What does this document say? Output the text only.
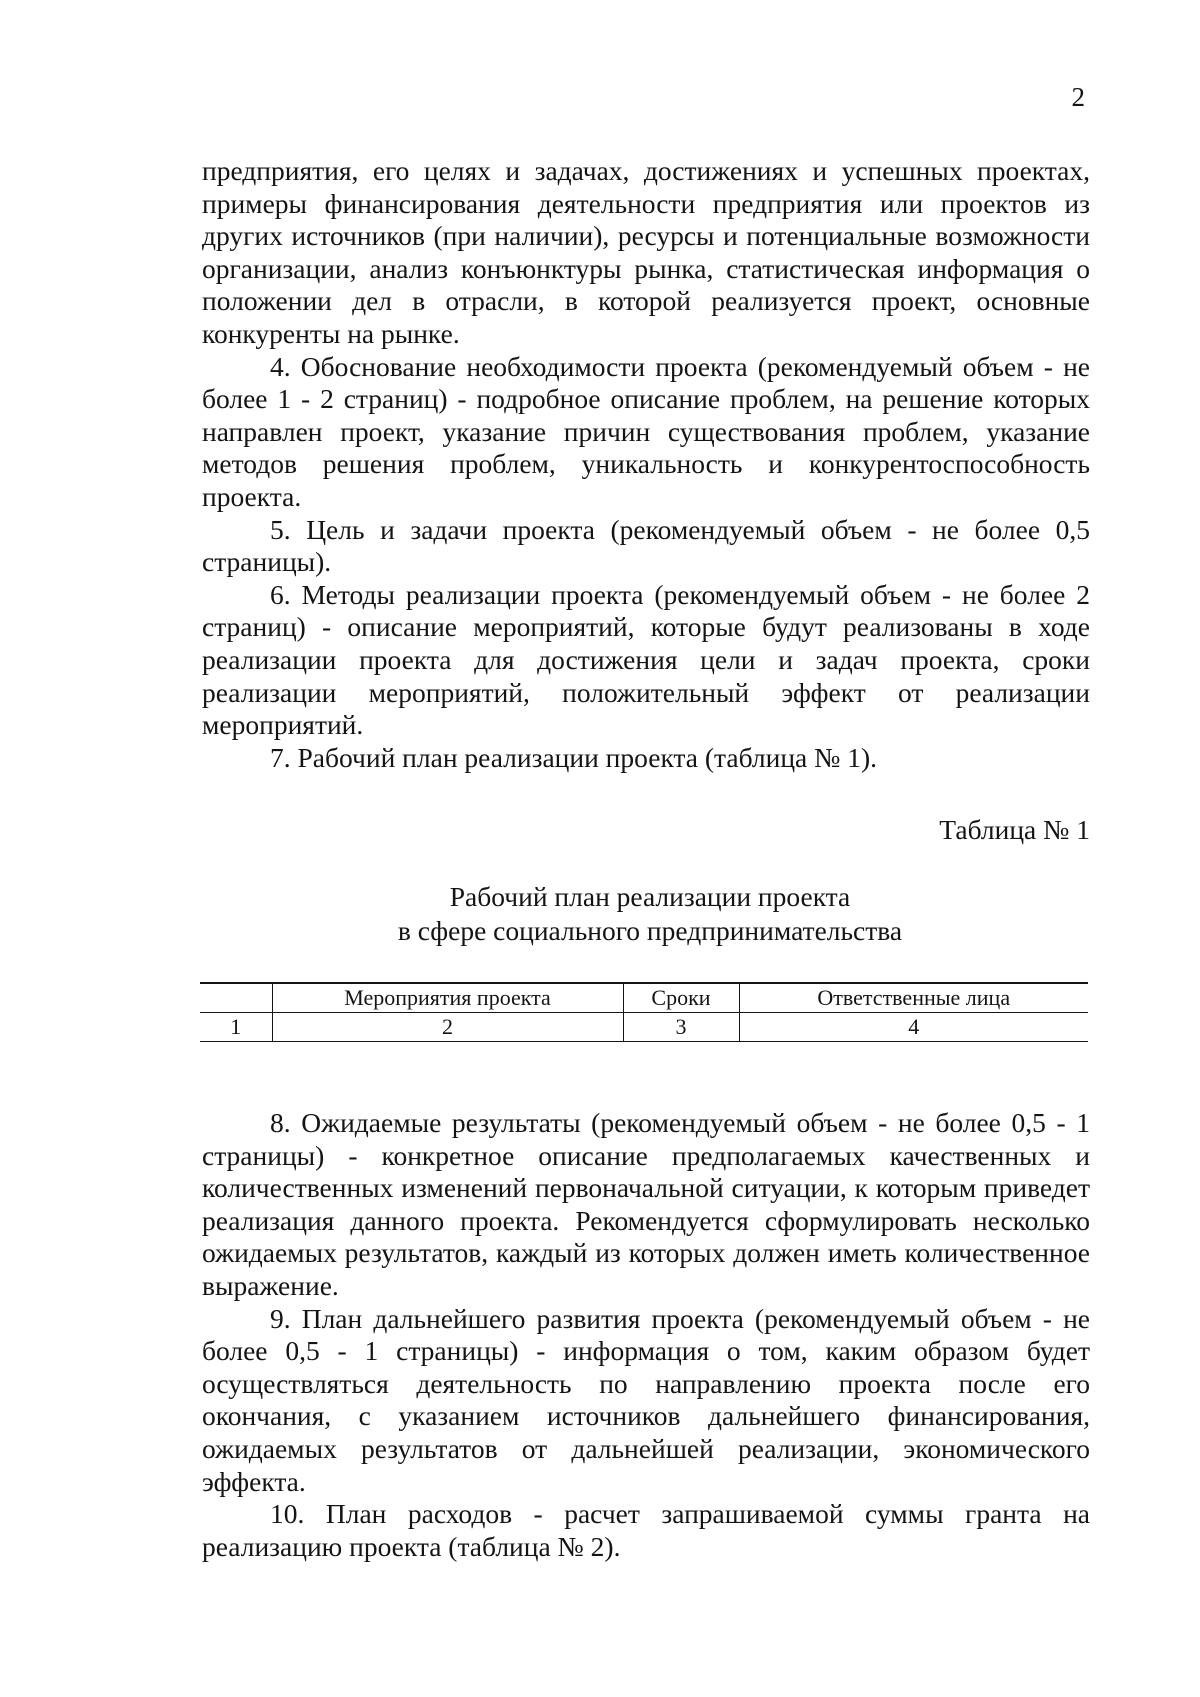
2

предприятия, его целях и задачах, достижениях и успешных проектах, примеры финансирования деятельности предприятия или проектов из других источников (при наличии), ресурсы и потенциальные возможности организации, анализ конъюнктуры рынка, статистическая информация о положении дел в отрасли, в которой реализуется проект, основные конкуренты на рынке.

4. Обоснование необходимости проекта (рекомендуемый объем - не более 1 - 2 страниц) - подробное описание проблем, на решение которых направлен проект, указание причин существования проблем, указание методов решения проблем, уникальность и конкурентоспособность проекта.

5. Цель и задачи проекта (рекомендуемый объем - не более 0,5 страницы).

6. Методы реализации проекта (рекомендуемый объем - не более 2 страниц) - описание мероприятий, которые будут реализованы в ходе реализации проекта для достижения цели и задач проекта, сроки реализации мероприятий, положительный эффект от реализации мероприятий.

7. Рабочий план реализации проекта (таблица № 1).

Таблица № 1
Рабочий план реализации проекта
в сфере социального предпринимательства
	Мероприятия проекта	Сроки	Ответственные лица
1	2	3	4

8. Ожидаемые результаты (рекомендуемый объем - не более 0,5 - 1 страницы) - конкретное описание предполагаемых качественных и количественных изменений первоначальной ситуации, к которым приведет реализация данного проекта. Рекомендуется сформулировать несколько ожидаемых результатов, каждый из которых должен иметь количественное выражение.

9. План дальнейшего развития проекта (рекомендуемый объем - не более 0,5 - 1 страницы) - информация о том, каким образом будет осуществляться деятельность по направлению проекта после его окончания, с указанием источников дальнейшего финансирования, ожидаемых результатов от дальнейшей реализации, экономического эффекта.

10. План расходов - расчет запрашиваемой суммы гранта на реализацию проекта (таблица № 2).
